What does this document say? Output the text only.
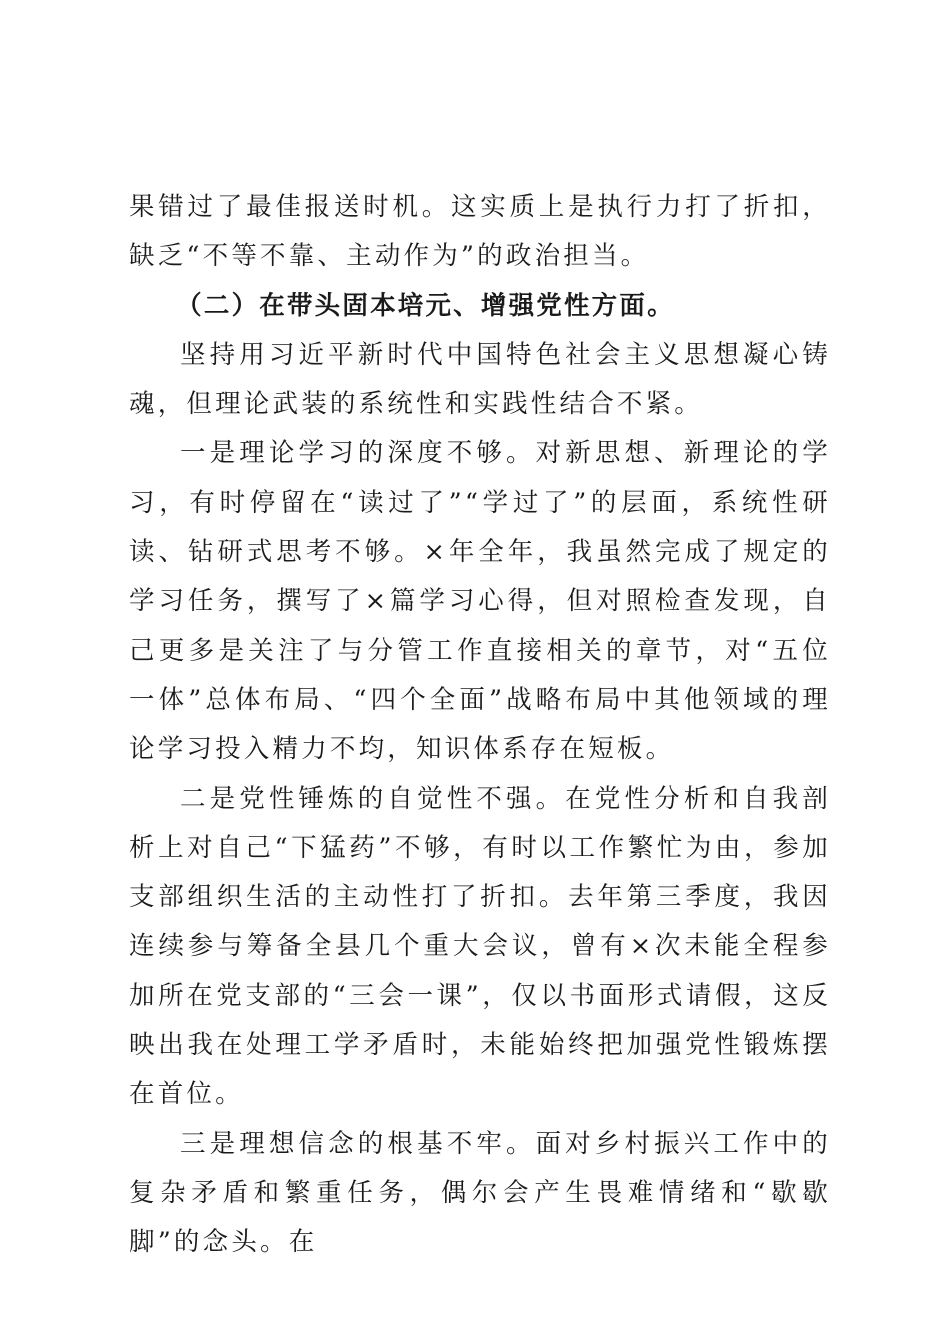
果错过了最佳报送时机。这实质上是执行力打了折扣，缺乏“不等不靠、主动作为”的政治担当。

（二）在带头固本培元、增强党性方面。

坚持用习近平新时代中国特色社会主义思想凝心铸魂，但理论武装的系统性和实践性结合不紧。

一是理论学习的深度不够。对新思想、新理论的学习，有时停留在“读过了”“学过了”的层面，系统性研读、钻研式思考不够。×年全年，我虽然完成了规定的学习任务，撰写了×篇学习心得，但对照检查发现，自己更多是关注了与分管工作直接相关的章节，对“五位一体”总体布局、“四个全面”战略布局中其他领域的理论学习投入精力不均，知识体系存在短板。

二是党性锤炼的自觉性不强。在党性分析和自我剖析上对自己“下猛药”不够，有时以工作繁忙为由，参加支部组织生活的主动性打了折扣。去年第三季度，我因连续参与筹备全县几个重大会议，曾有×次未能全程参加所在党支部的“三会一课”，仅以书面形式请假，这反映出我在处理工学矛盾时，未能始终把加强党性锻炼摆在首位。

三是理想信念的根基不牢。面对乡村振兴工作中的复杂矛盾和繁重任务，偶尔会产生畏难情绪和“歇歇脚”的念头。在
